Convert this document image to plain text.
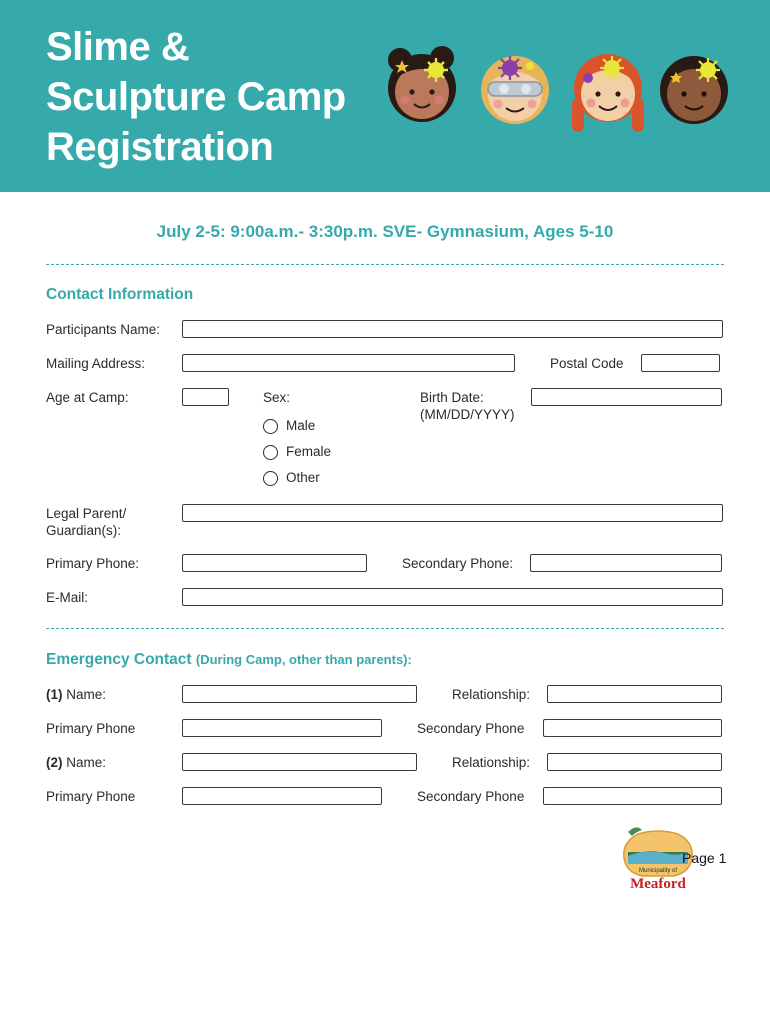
Slime &
Sculpture Camp
Registration
July 2-5: 9:00a.m.- 3:30p.m. SVE- Gymnasium, Ages 5-10
Contact Information
Participants Name:
Mailing Address:	Postal Code
Age at Camp:	Sex:
Male
Female
Other
Birth Date:
(MM/DD/YYYY)
Legal Parent/
Guardian(s):
Primary Phone:	Secondary Phone:
E-Mail:
Emergency Contact (During Camp, other than parents):
(1) Name:	Relationship:
Primary Phone	Secondary Phone
(2) Name:	Relationship:
Primary Phone	Secondary Phone
Municipality of
Meaford
Page 1
